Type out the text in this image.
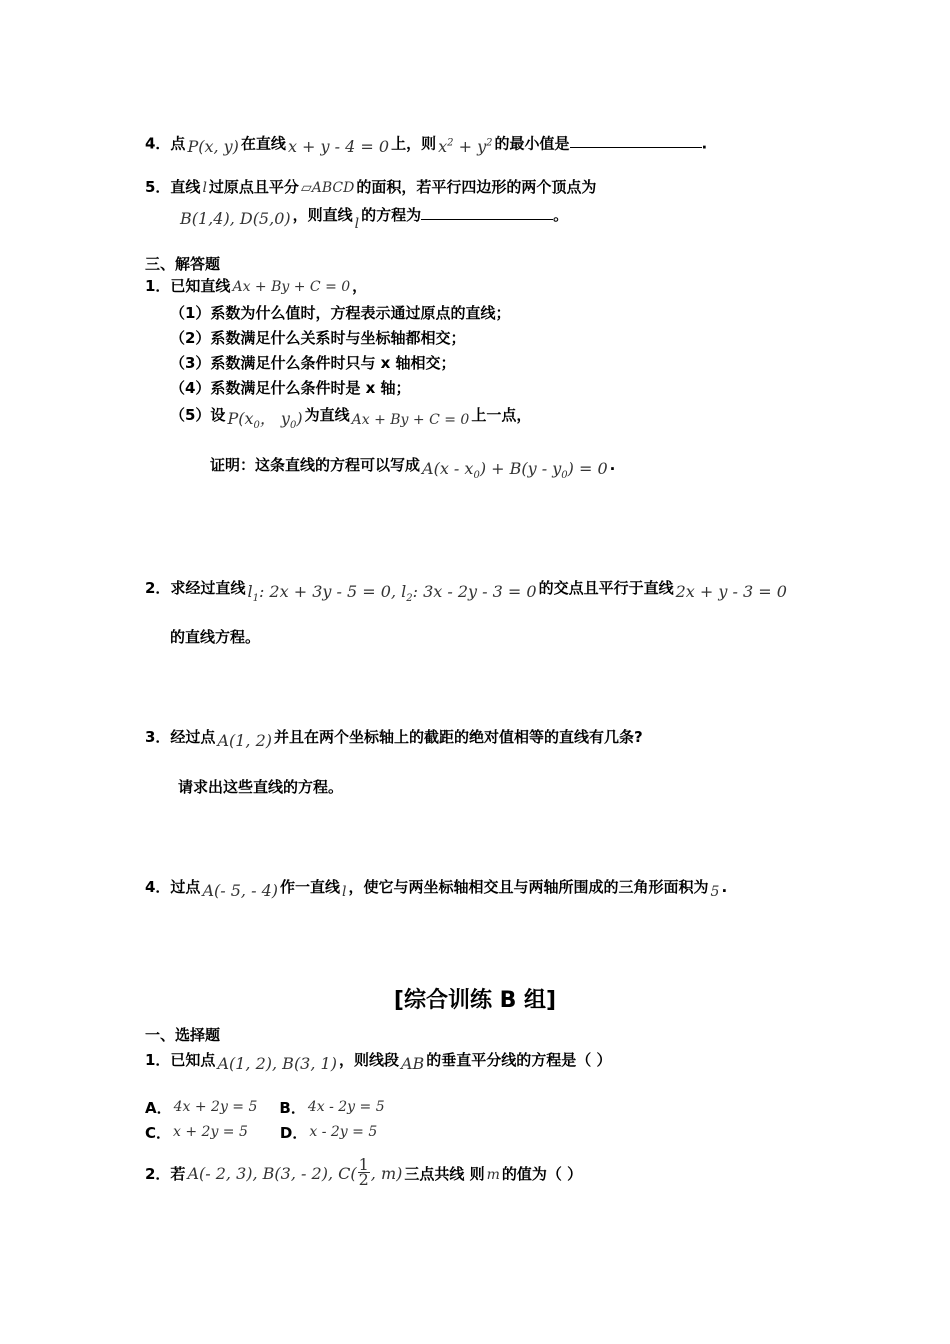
4．点 P(x, y) 在直线 x + y - 4 = 0 上，则 $x^2 + y^2$ 的最小值是	.
5．直线 l 过原点且平分 ▱ABCD 的面积，若平行四边形的两个顶点为
B(1,4), D(5,0) ，则直线 l 的方程为	。
三、解答题
1．已知直线 Ax + By + C = 0 ，
（1）系数为什么值时，方程表示通过原点的直线；
（2）系数满足什么关系时与坐标轴都相交；
（3）系数满足什么条件时只与 x 轴相交；
（4）系数满足什么条件时是 x 轴；
（5）设 $P(x_0$， $y_0$) 为直线 Ax + By + C = 0 上一点，
证明：这条直线的方程可以写成 $A(x - x_0) + B(y - y_0) = 0$ .
2．求经过直线 $l_1$: 2x + 3y - 5 = 0, $l_2$: 3x - 2y - 3 = 0 的交点且平行于直线 2x + y - 3 = 0
的直线方程。
3．经过点 A(1, 2) 并且在两个坐标轴上的截距的绝对值相等的直线有几条?
请求出这些直线的方程。
4．过点 A(- 5, - 4) 作一直线 l ，使它与两坐标轴相交且与两轴所围成的三角形面积为 5 .
[综合训练 B 组]
一、选择题
1．已知点 A(1, 2), B(3, 1) ，则线段 AB 的垂直平分线的方程是（ ）
A． 4x + 2y = 5 B． 4x - 2y = 5
C． x + 2y = 5 D． x - 2y = 5
2．若 A(- 2, 3), B(3, - 2), $C( \frac{1}{2}$ , m) 三点共线 则 m 的值为（ ）
